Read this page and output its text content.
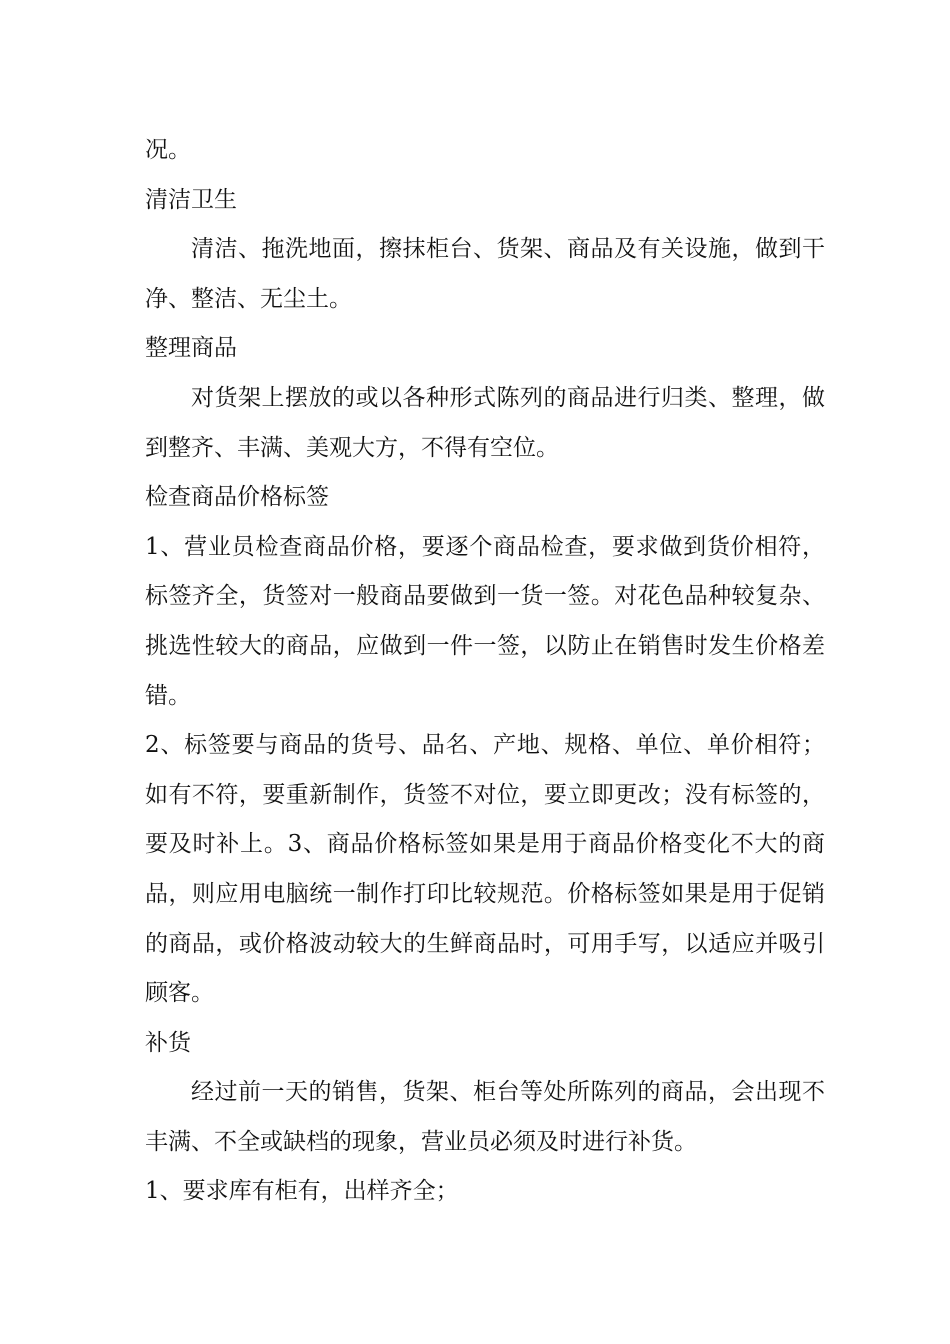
况。

清洁卫生

清洁、拖洗地面，擦抹柜台、货架、商品及有关设施，做到干净、整洁、无尘土。

整理商品

对货架上摆放的或以各种形式陈列的商品进行归类、整理，做到整齐、丰满、美观大方，不得有空位。

检查商品价格标签

1、营业员检查商品价格，要逐个商品检查，要求做到货价相符，标签齐全，货签对一般商品要做到一货一签。对花色品种较复杂、挑选性较大的商品，应做到一件一签，以防止在销售时发生价格差错。

2、标签要与商品的货号、品名、产地、规格、单位、单价相符；如有不符，要重新制作，货签不对位，要立即更改；没有标签的，要及时补上。3、商品价格标签如果是用于商品价格变化不大的商品，则应用电脑统一制作打印比较规范。价格标签如果是用于促销的商品，或价格波动较大的生鲜商品时，可用手写，以适应并吸引顾客。

补货

经过前一天的销售，货架、柜台等处所陈列的商品，会出现不丰满、不全或缺档的现象，营业员必须及时进行补货。

1、要求库有柜有，出样齐全；
